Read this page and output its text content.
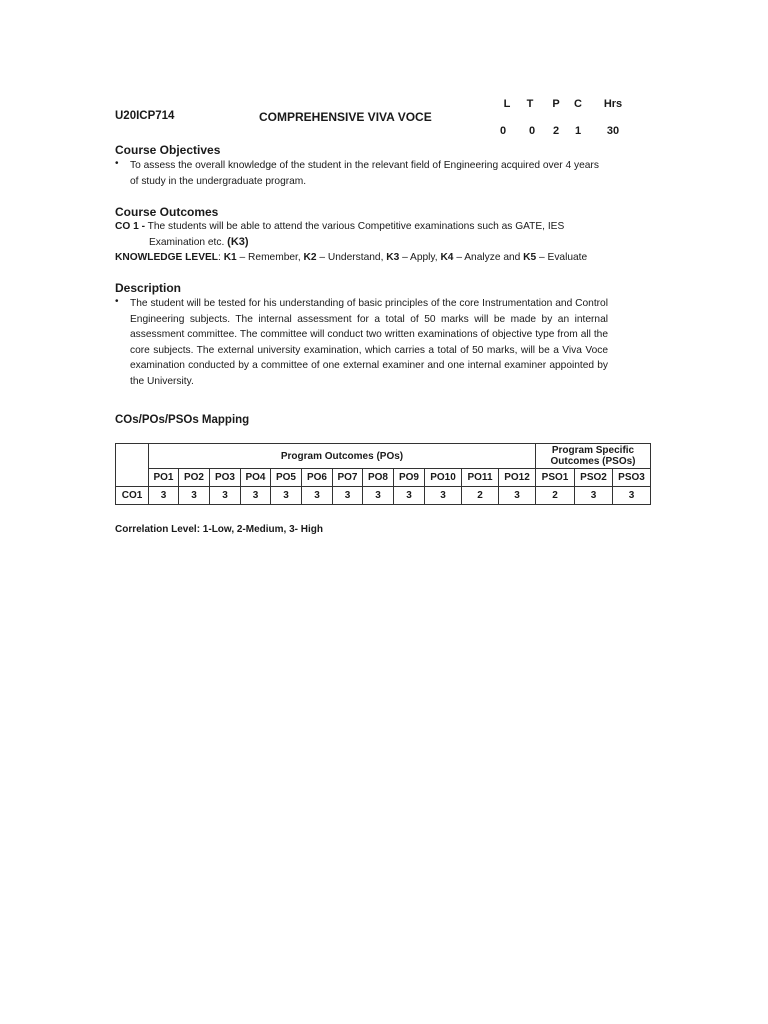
U20ICP714	COMPREHENSIVE VIVA VOCE
L	T	P	C	Hrs
0	0	2	1	30
Course Objectives
• To assess the overall knowledge of the student in the relevant field of Engineering acquired over 4 years of study in the undergraduate program.
Course Outcomes
CO 1 - The students will be able to attend the various Competitive examinations such as GATE, IES
Examination etc. (K3)
KNOWLEDGE LEVEL: K1 – Remember, K2 – Understand, K3 – Apply, K4 – Analyze and K5 – Evaluate
Description
• The student will be tested for his understanding of basic principles of the core Instrumentation and Control Engineering subjects. The internal assessment for a total of 50 marks will be made by an internal assessment committee. The committee will conduct two written examinations of objective type from all the core subjects. The external university examination, which carries a total of 50 marks, will be a Viva Voce examination conducted by a committee of one external examiner and one internal examiner appointed by the University.
COs/POs/PSOs Mapping
	Program Outcomes (POs)												Program Specific
Outcomes (PSOs)		

	PO1	PO2	PO3	PO4	PO5	PO6	PO7	PO8	PO9	PO10	PO11	PO12	PSO1	PSO2	PSO3
CO1	3	3	3	3	3	3	3	3	3	3	2	3	2	3	3
Correlation Level: 1-Low, 2-Medium, 3- High
